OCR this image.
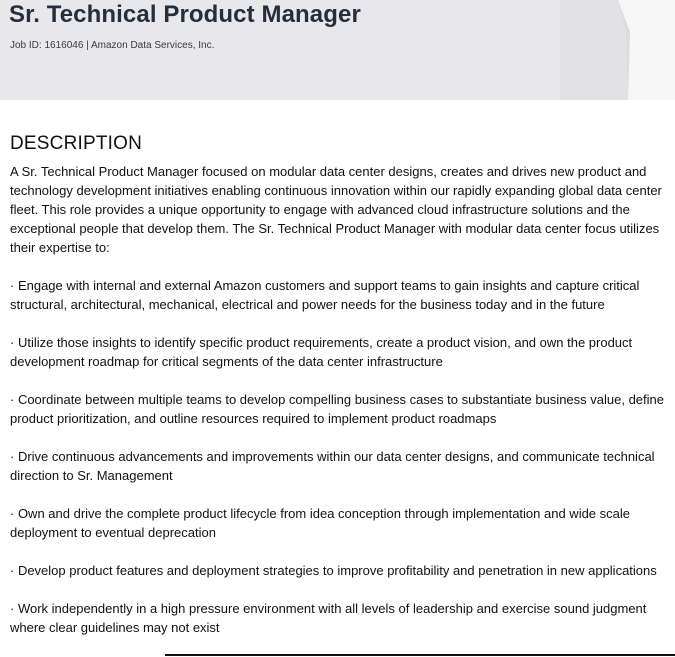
Sr. Technical Product Manager
Job ID: 1616046 | Amazon Data Services, Inc.
DESCRIPTION

A Sr. Technical Product Manager focused on modular data center designs, creates and drives new product and technology development initiatives enabling continuous innovation within our rapidly expanding global data center fleet. This role provides a unique opportunity to engage with advanced cloud infrastructure solutions and the exceptional people that develop them. The Sr. Technical Product Manager with modular data center focus utilizes their expertise to:

· Engage with internal and external Amazon customers and support teams to gain insights and capture critical structural, architectural, mechanical, electrical and power needs for the business today and in the future

· Utilize those insights to identify specific product requirements, create a product vision, and own the product development roadmap for critical segments of the data center infrastructure

· Coordinate between multiple teams to develop compelling business cases to substantiate business value, define product prioritization, and outline resources required to implement product roadmaps

· Drive continuous advancements and improvements within our data center designs, and communicate technical direction to Sr. Management

· Own and drive the complete product lifecycle from idea conception through implementation and wide scale deployment to eventual deprecation

· Develop product features and deployment strategies to improve profitability and penetration in new applications

· Work independently in a high pressure environment with all levels of leadership and exercise sound judgment where clear guidelines may not exist
